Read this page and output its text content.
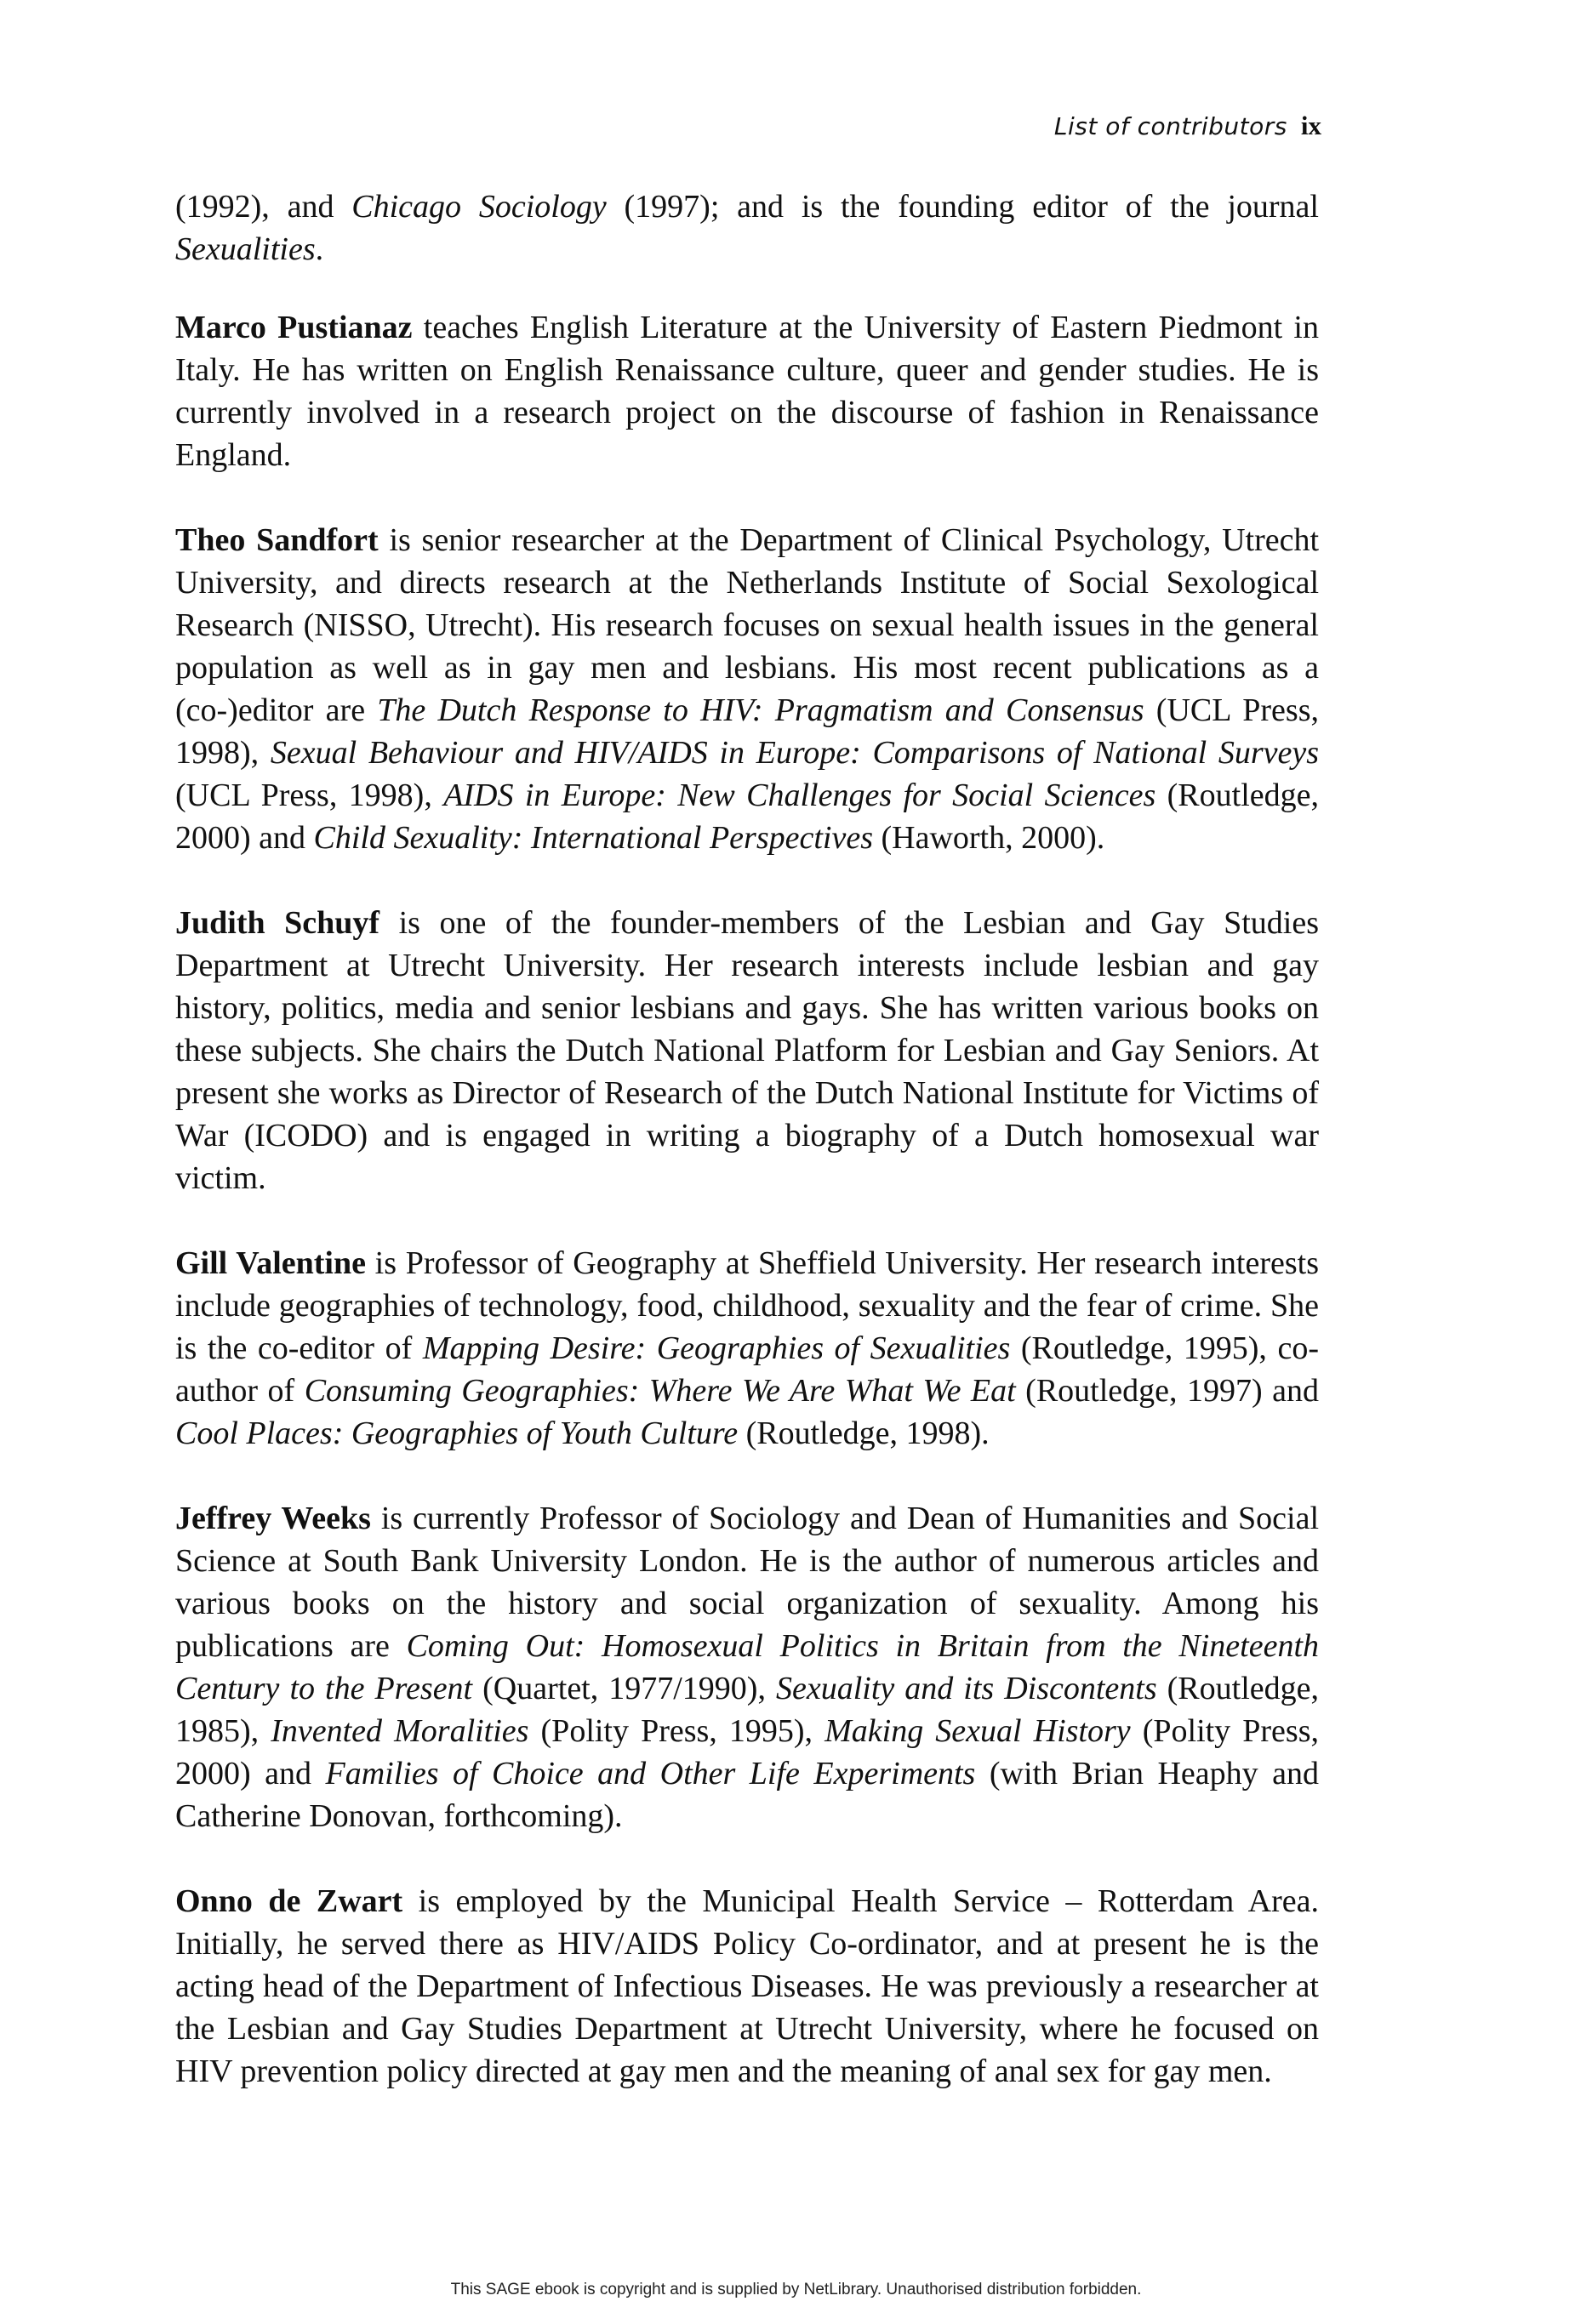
List of contributors ix

(1992), and Chicago Sociology (1997); and is the founding editor of the journal Sexualities.

Marco Pustianaz teaches English Literature at the University of Eastern Piedmont in Italy. He has written on English Renaissance culture, queer and gender studies. He is currently involved in a research project on the discourse of fashion in Renaissance England.

Theo Sandfort is senior researcher at the Department of Clinical Psychology, Utrecht University, and directs research at the Netherlands Institute of Social Sexological Research (NISSO, Utrecht). His research focuses on sexual health issues in the general population as well as in gay men and lesbians. His most recent publications as a (co-)editor are The Dutch Response to HIV: Pragmatism and Consensus (UCL Press, 1998), Sexual Behaviour and HIV/AIDS in Europe: Comparisons of National Surveys (UCL Press, 1998), AIDS in Europe: New Challenges for Social Sciences (Routledge, 2000) and Child Sexuality: International Perspectives (Haworth, 2000).

Judith Schuyf is one of the founder-members of the Lesbian and Gay Studies Department at Utrecht University. Her research interests include lesbian and gay history, politics, media and senior lesbians and gays. She has written various books on these subjects. She chairs the Dutch National Platform for Lesbian and Gay Seniors. At present she works as Director of Research of the Dutch National Institute for Victims of War (ICODO) and is engaged in writing a biography of a Dutch homosexual war victim.

Gill Valentine is Professor of Geography at Sheffield University. Her research interests include geographies of technology, food, childhood, sexuality and the fear of crime. She is the co-editor of Mapping Desire: Geographies of Sexualities (Routledge, 1995), co-author of Consuming Geographies: Where We Are What We Eat (Routledge, 1997) and Cool Places: Geographies of Youth Culture (Routledge, 1998).

Jeffrey Weeks is currently Professor of Sociology and Dean of Humanities and Social Science at South Bank University London. He is the author of numerous articles and various books on the history and social organization of sexuality. Among his publications are Coming Out: Homosexual Politics in Britain from the Nineteenth Century to the Present (Quartet, 1977/1990), Sexuality and its Discontents (Routledge, 1985), Invented Moralities (Polity Press, 1995), Making Sexual History (Polity Press, 2000) and Families of Choice and Other Life Experiments (with Brian Heaphy and Catherine Donovan, forthcoming).

Onno de Zwart is employed by the Municipal Health Service – Rotterdam Area. Initially, he served there as HIV/AIDS Policy Co-ordinator, and at present he is the acting head of the Department of Infectious Diseases. He was previously a researcher at the Lesbian and Gay Studies Department at Utrecht University, where he focused on HIV prevention policy directed at gay men and the meaning of anal sex for gay men.

This SAGE ebook is copyright and is supplied by NetLibrary. Unauthorised distribution forbidden.
